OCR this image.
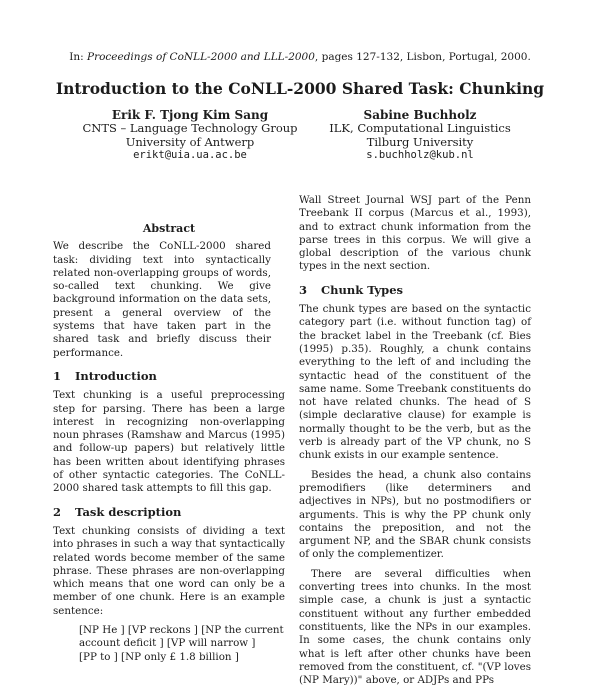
In: Proceedings of CoNLL-2000 and LLL-2000, pages 127-132, Lisbon, Portugal, 2000.
Introduction to the CoNLL-2000 Shared Task: Chunking
Erik F. Tjong Kim Sang
CNTS – Language Technology Group
University of Antwerp
erikt@uia.ua.ac.be
Sabine Buchholz
ILK, Computational Linguistics
Tilburg University
s.buchholz@kub.nl
Abstract

We describe the CoNLL-2000 shared task: dividing text into syntactically related non-overlapping groups of words, so-called text chunking. We give background information on the data sets, present a general overview of the systems that have taken part in the shared task and briefly discuss their performance.

1 Introduction

Text chunking is a useful preprocessing step for parsing. There has been a large interest in recognizing non-overlapping noun phrases (Ramshaw and Marcus (1995) and follow-up papers) but relatively little has been written about identifying phrases of other syntactic categories. The CoNLL-2000 shared task attempts to fill this gap.

2 Task description

Text chunking consists of dividing a text into phrases in such a way that syntactically related words become member of the same phrase. These phrases are non-overlapping which means that one word can only be a member of one chunk. Here is an example sentence:

[NP He ] [VP reckons ] [NP the current
account deficit ] [VP will narrow ]
[PP to ] [NP only £ 1.8 billion ]

Wall Street Journal WSJ part of the Penn Treebank II corpus (Marcus et al., 1993), and to extract chunk information from the parse trees in this corpus. We will give a global description of the various chunk types in the next section.

3 Chunk Types

The chunk types are based on the syntactic category part (i.e. without function tag) of the bracket label in the Treebank (cf. Bies (1995) p.35). Roughly, a chunk contains everything to the left of and including the syntactic head of the constituent of the same name. Some Treebank constituents do not have related chunks. The head of S (simple declarative clause) for example is normally thought to be the verb, but as the verb is already part of the VP chunk, no S chunk exists in our example sentence.

Besides the head, a chunk also contains premodifiers (like determiners and adjectives in NPs), but no postmodifiers or arguments. This is why the PP chunk only contains the preposition, and not the argument NP, and the SBAR chunk consists of only the complementizer.

There are several difficulties when converting trees into chunks. In the most simple case, a chunk is just a syntactic constituent without any further embedded constituents, like the NPs in our examples. In some cases, the chunk contains only what is left after other chunks have been removed from the constituent, cf. "(VP loves (NP Mary))" above, or ADJPs and PPs
